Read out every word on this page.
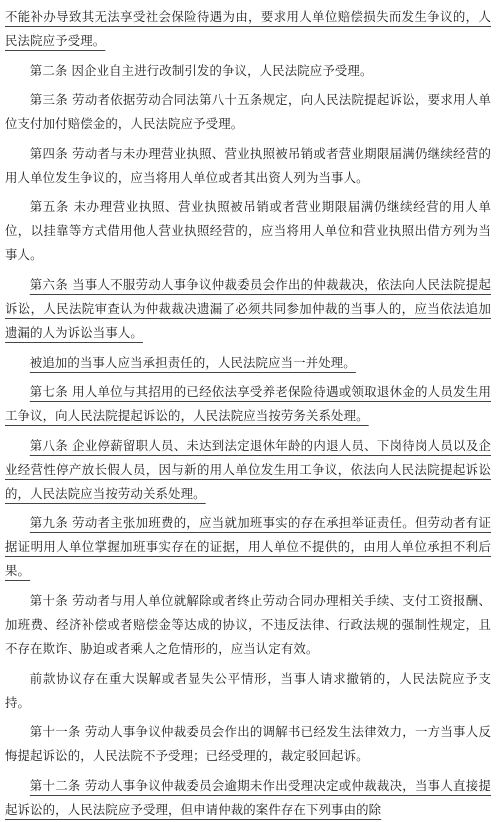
不能补办导致其无法享受社会保险待遇为由，要求用人单位赔偿损失而发生争议的，人民法院应予受理。

第二条 因企业自主进行改制引发的争议，人民法院应予受理。

第三条 劳动者依据劳动合同法第八十五条规定，向人民法院提起诉讼，要求用人单位支付加付赔偿金的，人民法院应予受理。

第四条 劳动者与未办理营业执照、营业执照被吊销或者营业期限届满仍继续经营的用人单位发生争议的，应当将用人单位或者其出资人列为当事人。

第五条 未办理营业执照、营业执照被吊销或者营业期限届满仍继续经营的用人单位，以挂靠等方式借用他人营业执照经营的，应当将用人单位和营业执照出借方列为当事人。

第六条 当事人不服劳动人事争议仲裁委员会作出的仲裁裁决，依法向人民法院提起诉讼，人民法院审查认为仲裁裁决遗漏了必须共同参加仲裁的当事人的，应当依法追加遗漏的人为诉讼当事人。

被追加的当事人应当承担责任的，人民法院应当一并处理。

第七条 用人单位与其招用的已经依法享受养老保险待遇或领取退休金的人员发生用工争议，向人民法院提起诉讼的，人民法院应当按劳务关系处理。

第八条 企业停薪留职人员、未达到法定退休年龄的内退人员、下岗待岗人员以及企业经营性停产放长假人员，因与新的用人单位发生用工争议，依法向人民法院提起诉讼的，人民法院应当按劳动关系处理。

第九条 劳动者主张加班费的，应当就加班事实的存在承担举证责任。但劳动者有证据证明用人单位掌握加班事实存在的证据，用人单位不提供的，由用人单位承担不利后果。

第十条 劳动者与用人单位就解除或者终止劳动合同办理相关手续、支付工资报酬、加班费、经济补偿或者赔偿金等达成的协议，不违反法律、行政法规的强制性规定，且不存在欺诈、胁迫或者乘人之危情形的，应当认定有效。

前款协议存在重大误解或者显失公平情形，当事人请求撤销的，人民法院应予支持。

第十一条 劳动人事争议仲裁委员会作出的调解书已经发生法律效力，一方当事人反悔提起诉讼的，人民法院不予受理；已经受理的，裁定驳回起诉。

第十二条 劳动人事争议仲裁委员会逾期未作出受理决定或仲裁裁决，当事人直接提起诉讼的，人民法院应予受理，但申请仲裁的案件存在下列事由的除
